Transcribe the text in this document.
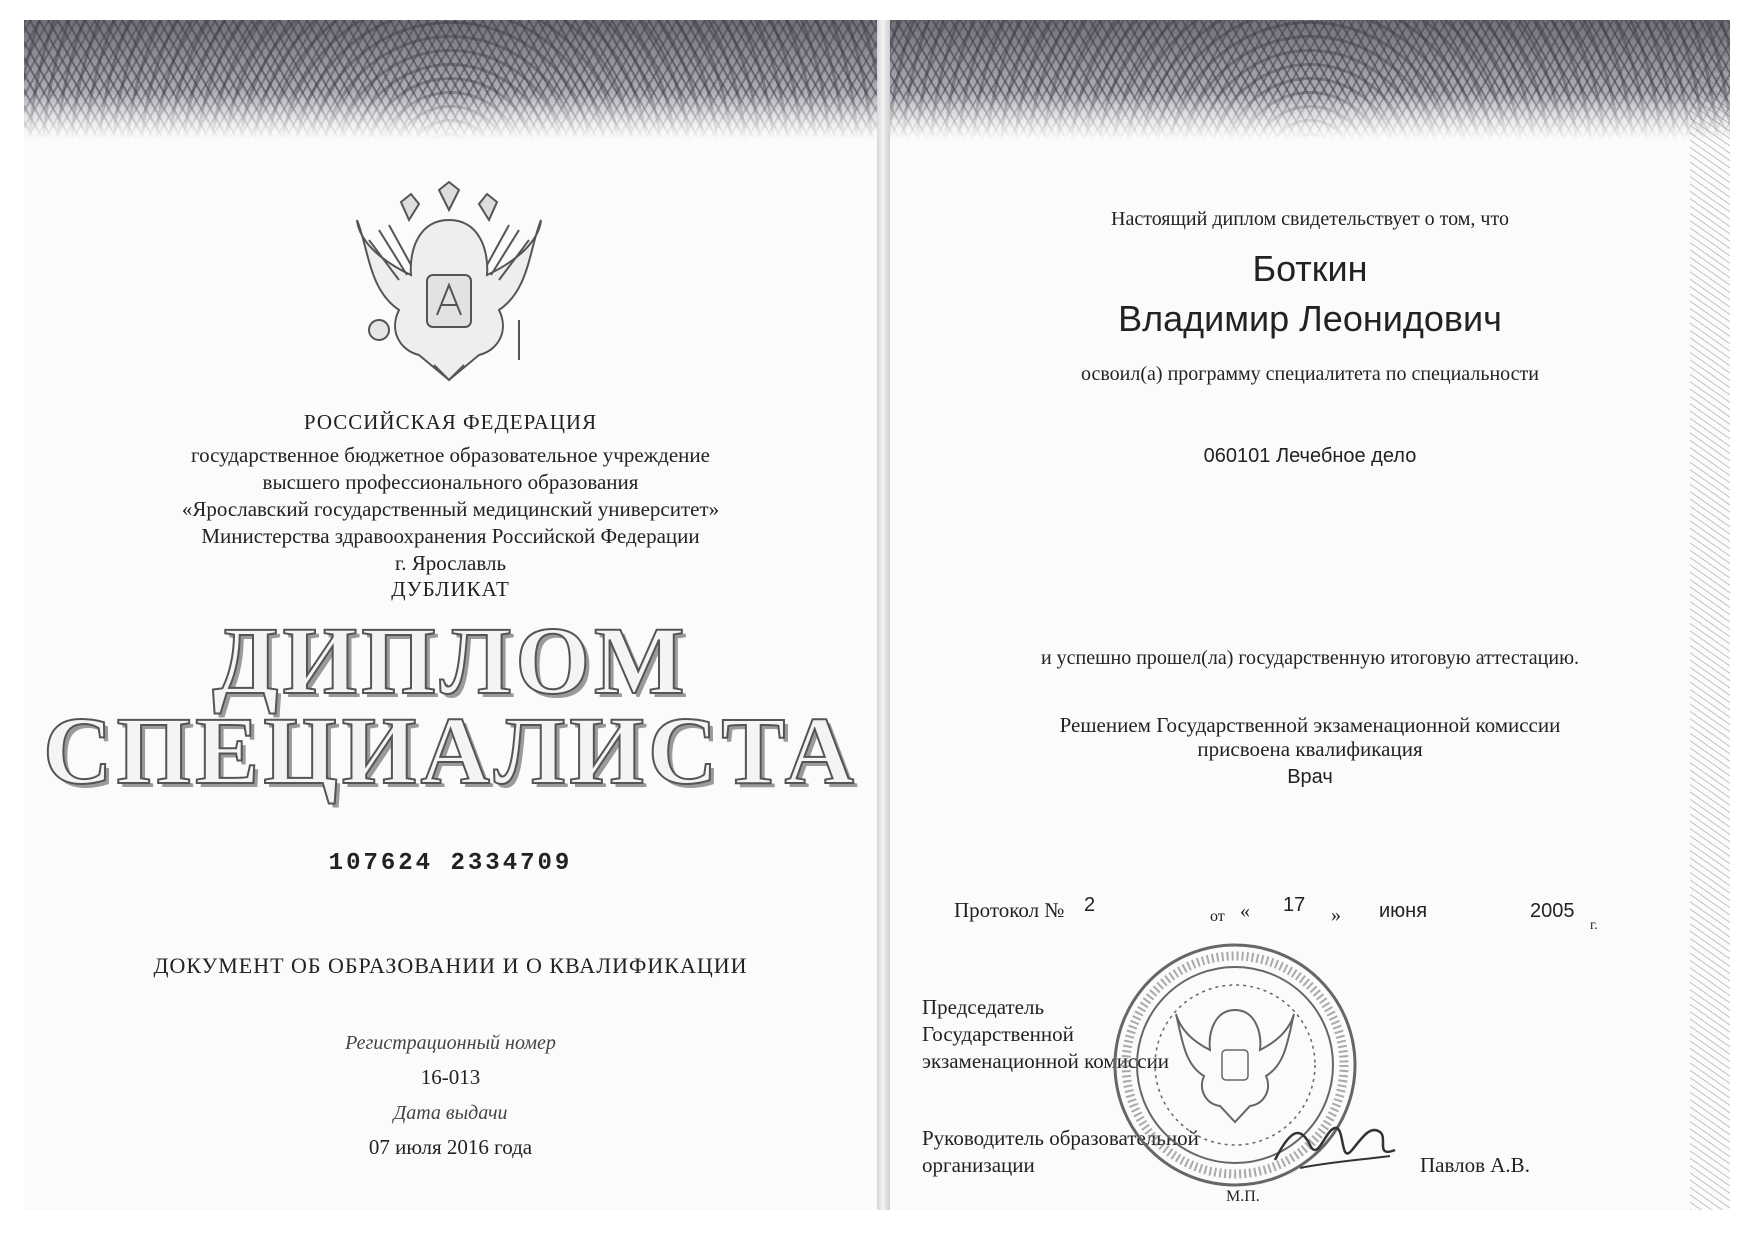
РОССИЙСКАЯ ФЕДЕРАЦИЯ
государственное бюджетное образовательное учреждение
высшего профессионального образования
«Ярославский государственный медицинский университет»
Министерства здравоохранения Российской Федерации
г. Ярославль
ДУБЛИКАТ
ДИПЛОМ
СПЕЦИАЛИСТА
107624 2334709
ДОКУМЕНТ ОБ ОБРАЗОВАНИИ И О КВАЛИФИКАЦИИ
Регистрационный номер
16-013
Дата выдачи
07 июля 2016 года
Настоящий диплом свидетельствует о том, что
Боткин
Владимир Леонидович
освоил(а) программу специалитета по специальности
060101 Лечебное дело
и успешно прошел(ла) государственную итоговую аттестацию.
Решением Государственной экзаменационной комиссии
присвоена квалификация
Врач
Протокол № 2
от « 17 » июня	2005
г.
Председатель
Государственной
экзаменационной комиссии
Руководитель образовательной
организации	Павлов А.В.
М.П.
